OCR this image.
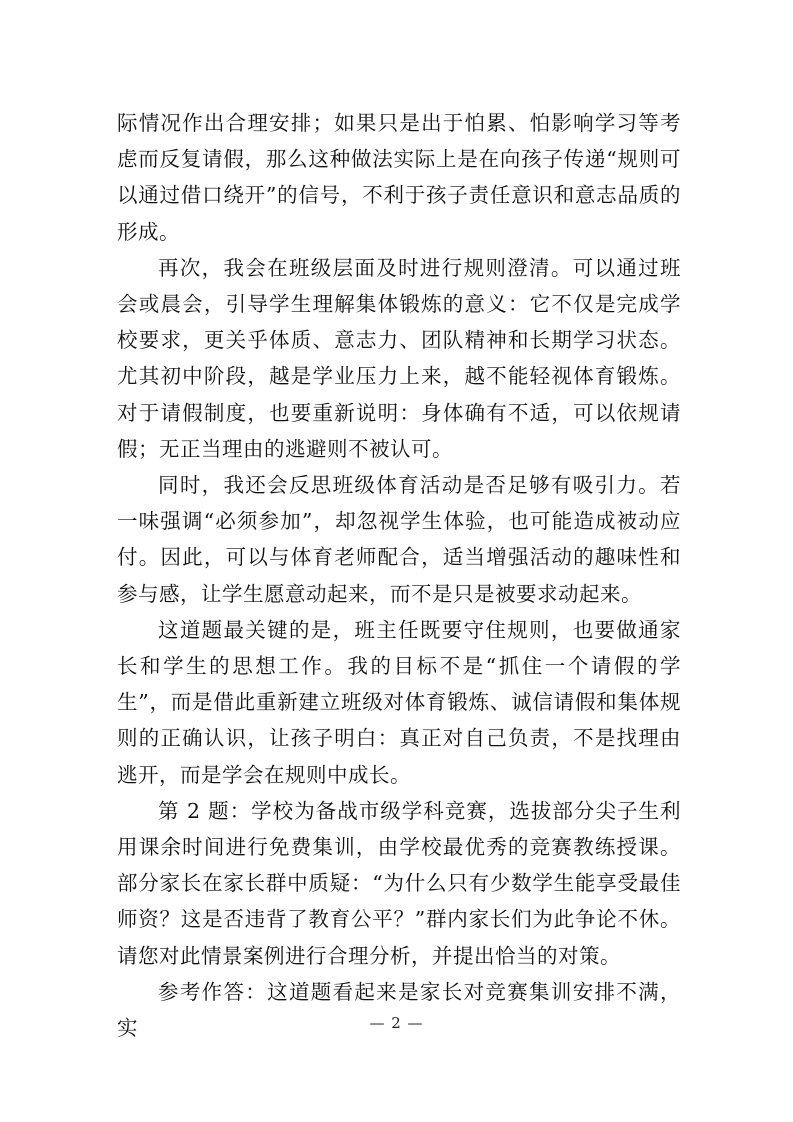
际情况作出合理安排；如果只是出于怕累、怕影响学习等考虑而反复请假，那么这种做法实际上是在向孩子传递“规则可以通过借口绕开”的信号，不利于孩子责任意识和意志品质的形成。

再次，我会在班级层面及时进行规则澄清。可以通过班会或晨会，引导学生理解集体锻炼的意义：它不仅是完成学校要求，更关乎体质、意志力、团队精神和长期学习状态。尤其初中阶段，越是学业压力上来，越不能轻视体育锻炼。对于请假制度，也要重新说明：身体确有不适，可以依规请假；无正当理由的逃避则不被认可。

同时，我还会反思班级体育活动是否足够有吸引力。若一味强调“必须参加”，却忽视学生体验，也可能造成被动应付。因此，可以与体育老师配合，适当增强活动的趣味性和参与感，让学生愿意动起来，而不是只是被要求动起来。

这道题最关键的是，班主任既要守住规则，也要做通家长和学生的思想工作。我的目标不是“抓住一个请假的学生”，而是借此重新建立班级对体育锻炼、诚信请假和集体规则的正确认识，让孩子明白：真正对自己负责，不是找理由逃开，而是学会在规则中成长。

第 2 题：学校为备战市级学科竞赛，选拔部分尖子生利用课余时间进行免费集训，由学校最优秀的竞赛教练授课。部分家长在家长群中质疑：“为什么只有少数学生能享受最佳师资？这是否违背了教育公平？”群内家长们为此争论不休。请您对此情景案例进行合理分析，并提出恰当的对策。

参考作答：这道题看起来是家长对竞赛集训安排不满，实	— 2 —
